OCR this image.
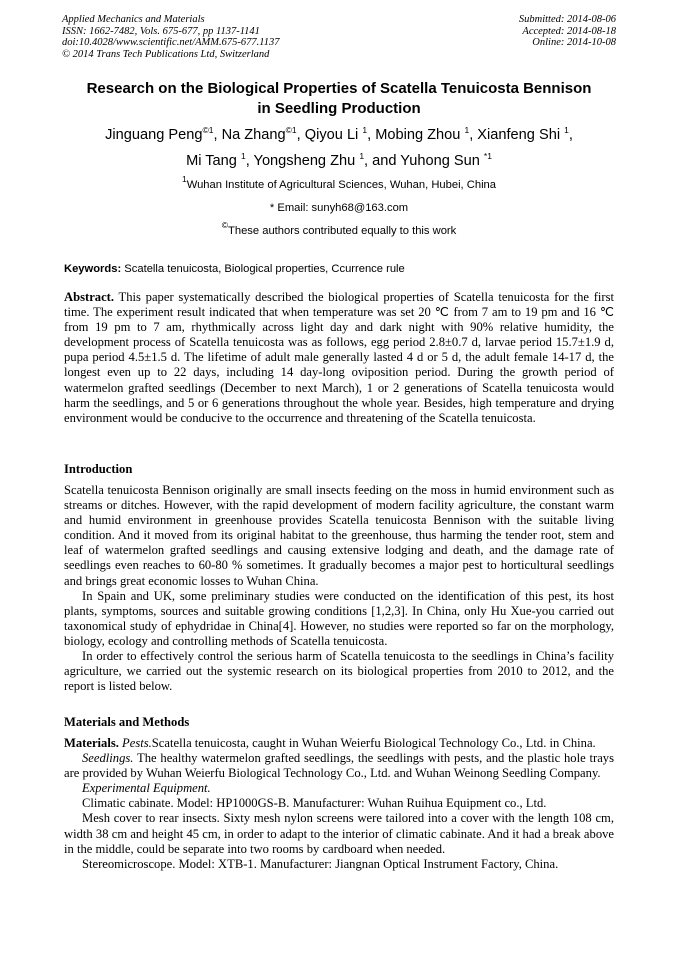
Applied Mechanics and Materials
ISSN: 1662-7482, Vols. 675-677, pp 1137-1141
doi:10.4028/www.scientific.net/AMM.675-677.1137
© 2014 Trans Tech Publications Ltd, Switzerland
Submitted: 2014-08-06
Accepted: 2014-08-18
Online: 2014-10-08
Research on the Biological Properties of Scatella Tenuicosta Bennison
in Seedling Production
Jinguang Peng$^{©1}$, Na Zhang$^{©1}$, Qiyou Li $^1$, Mobing Zhou $^1$, Xianfeng Shi $^1$,
Mi Tang $^1$, Yongsheng Zhu $^1$, and Yuhong Sun $^{*1}$
$^1$Wuhan Institute of Agricultural Sciences, Wuhan, Hubei, China
* Email: sunyh68@163.com
©These authors contributed equally to this work
Keywords: Scatella tenuicosta, Biological properties, Ccurrence rule

Abstract. This paper systematically described the biological properties of Scatella tenuicosta for the first time. The experiment result indicated that when temperature was set 20 ℃ from 7 am to 19 pm and 16 ℃ from 19 pm to 7 am, rhythmically across light day and dark night with 90% relative humidity, the development process of Scatella tenuicosta was as follows, egg period 2.8±0.7 d, larvae period 15.7±1.9 d, pupa period 4.5±1.5 d. The lifetime of adult male generally lasted 4 d or 5 d, the adult female 14-17 d, the longest even up to 22 days, including 14 day-long oviposition period. During the growth period of watermelon grafted seedlings (December to next March), 1 or 2 generations of Scatella tenuicosta would harm the seedlings, and 5 or 6 generations throughout the whole year. Besides, high temperature and drying environment would be conducive to the occurrence and threatening of the Scatella tenuicosta.

Introduction

Scatella tenuicosta Bennison originally are small insects feeding on the moss in humid environment such as streams or ditches. However, with the rapid development of modern facility agriculture, the constant warm and humid environment in greenhouse provides Scatella tenuicosta Bennison with the suitable living condition. And it moved from its original habitat to the greenhouse, thus harming the tender root, stem and leaf of watermelon grafted seedlings and causing extensive lodging and death, and the damage rate of seedlings even reaches to 60-80 % sometimes. It gradually becomes a major pest to horticultural seedlings and brings great economic losses to Wuhan China.

In Spain and UK, some preliminary studies were conducted on the identification of this pest, its host plants, symptoms, sources and suitable growing conditions [1,2,3]. In China, only Hu Xue-you carried out taxonomical study of ephydridae in China[4]. However, no studies were reported so far on the morphology, biology, ecology and controlling methods of Scatella tenuicosta.

In order to effectively control the serious harm of Scatella tenuicosta to the seedlings in China’s facility agriculture, we carried out the systemic research on its biological properties from 2010 to 2012, and the report is listed below.

Materials and Methods

Materials. Pests.Scatella tenuicosta, caught in Wuhan Weierfu Biological Technology Co., Ltd. in China.

Seedlings. The healthy watermelon grafted seedlings, the seedlings with pests, and the plastic hole trays are provided by Wuhan Weierfu Biological Technology Co., Ltd. and Wuhan Weinong Seedling Company.

Experimental Equipment.

Climatic cabinate. Model: HP1000GS-B. Manufacturer: Wuhan Ruihua Equipment co., Ltd.

Mesh cover to rear insects. Sixty mesh nylon screens were tailored into a cover with the length 108 cm, width 38 cm and height 45 cm, in order to adapt to the interior of climatic cabinate. And it had a break above in the middle, could be separate into two rooms by cardboard when needed.

Stereomicroscope. Model: XTB-1. Manufacturer: Jiangnan Optical Instrument Factory, China.
